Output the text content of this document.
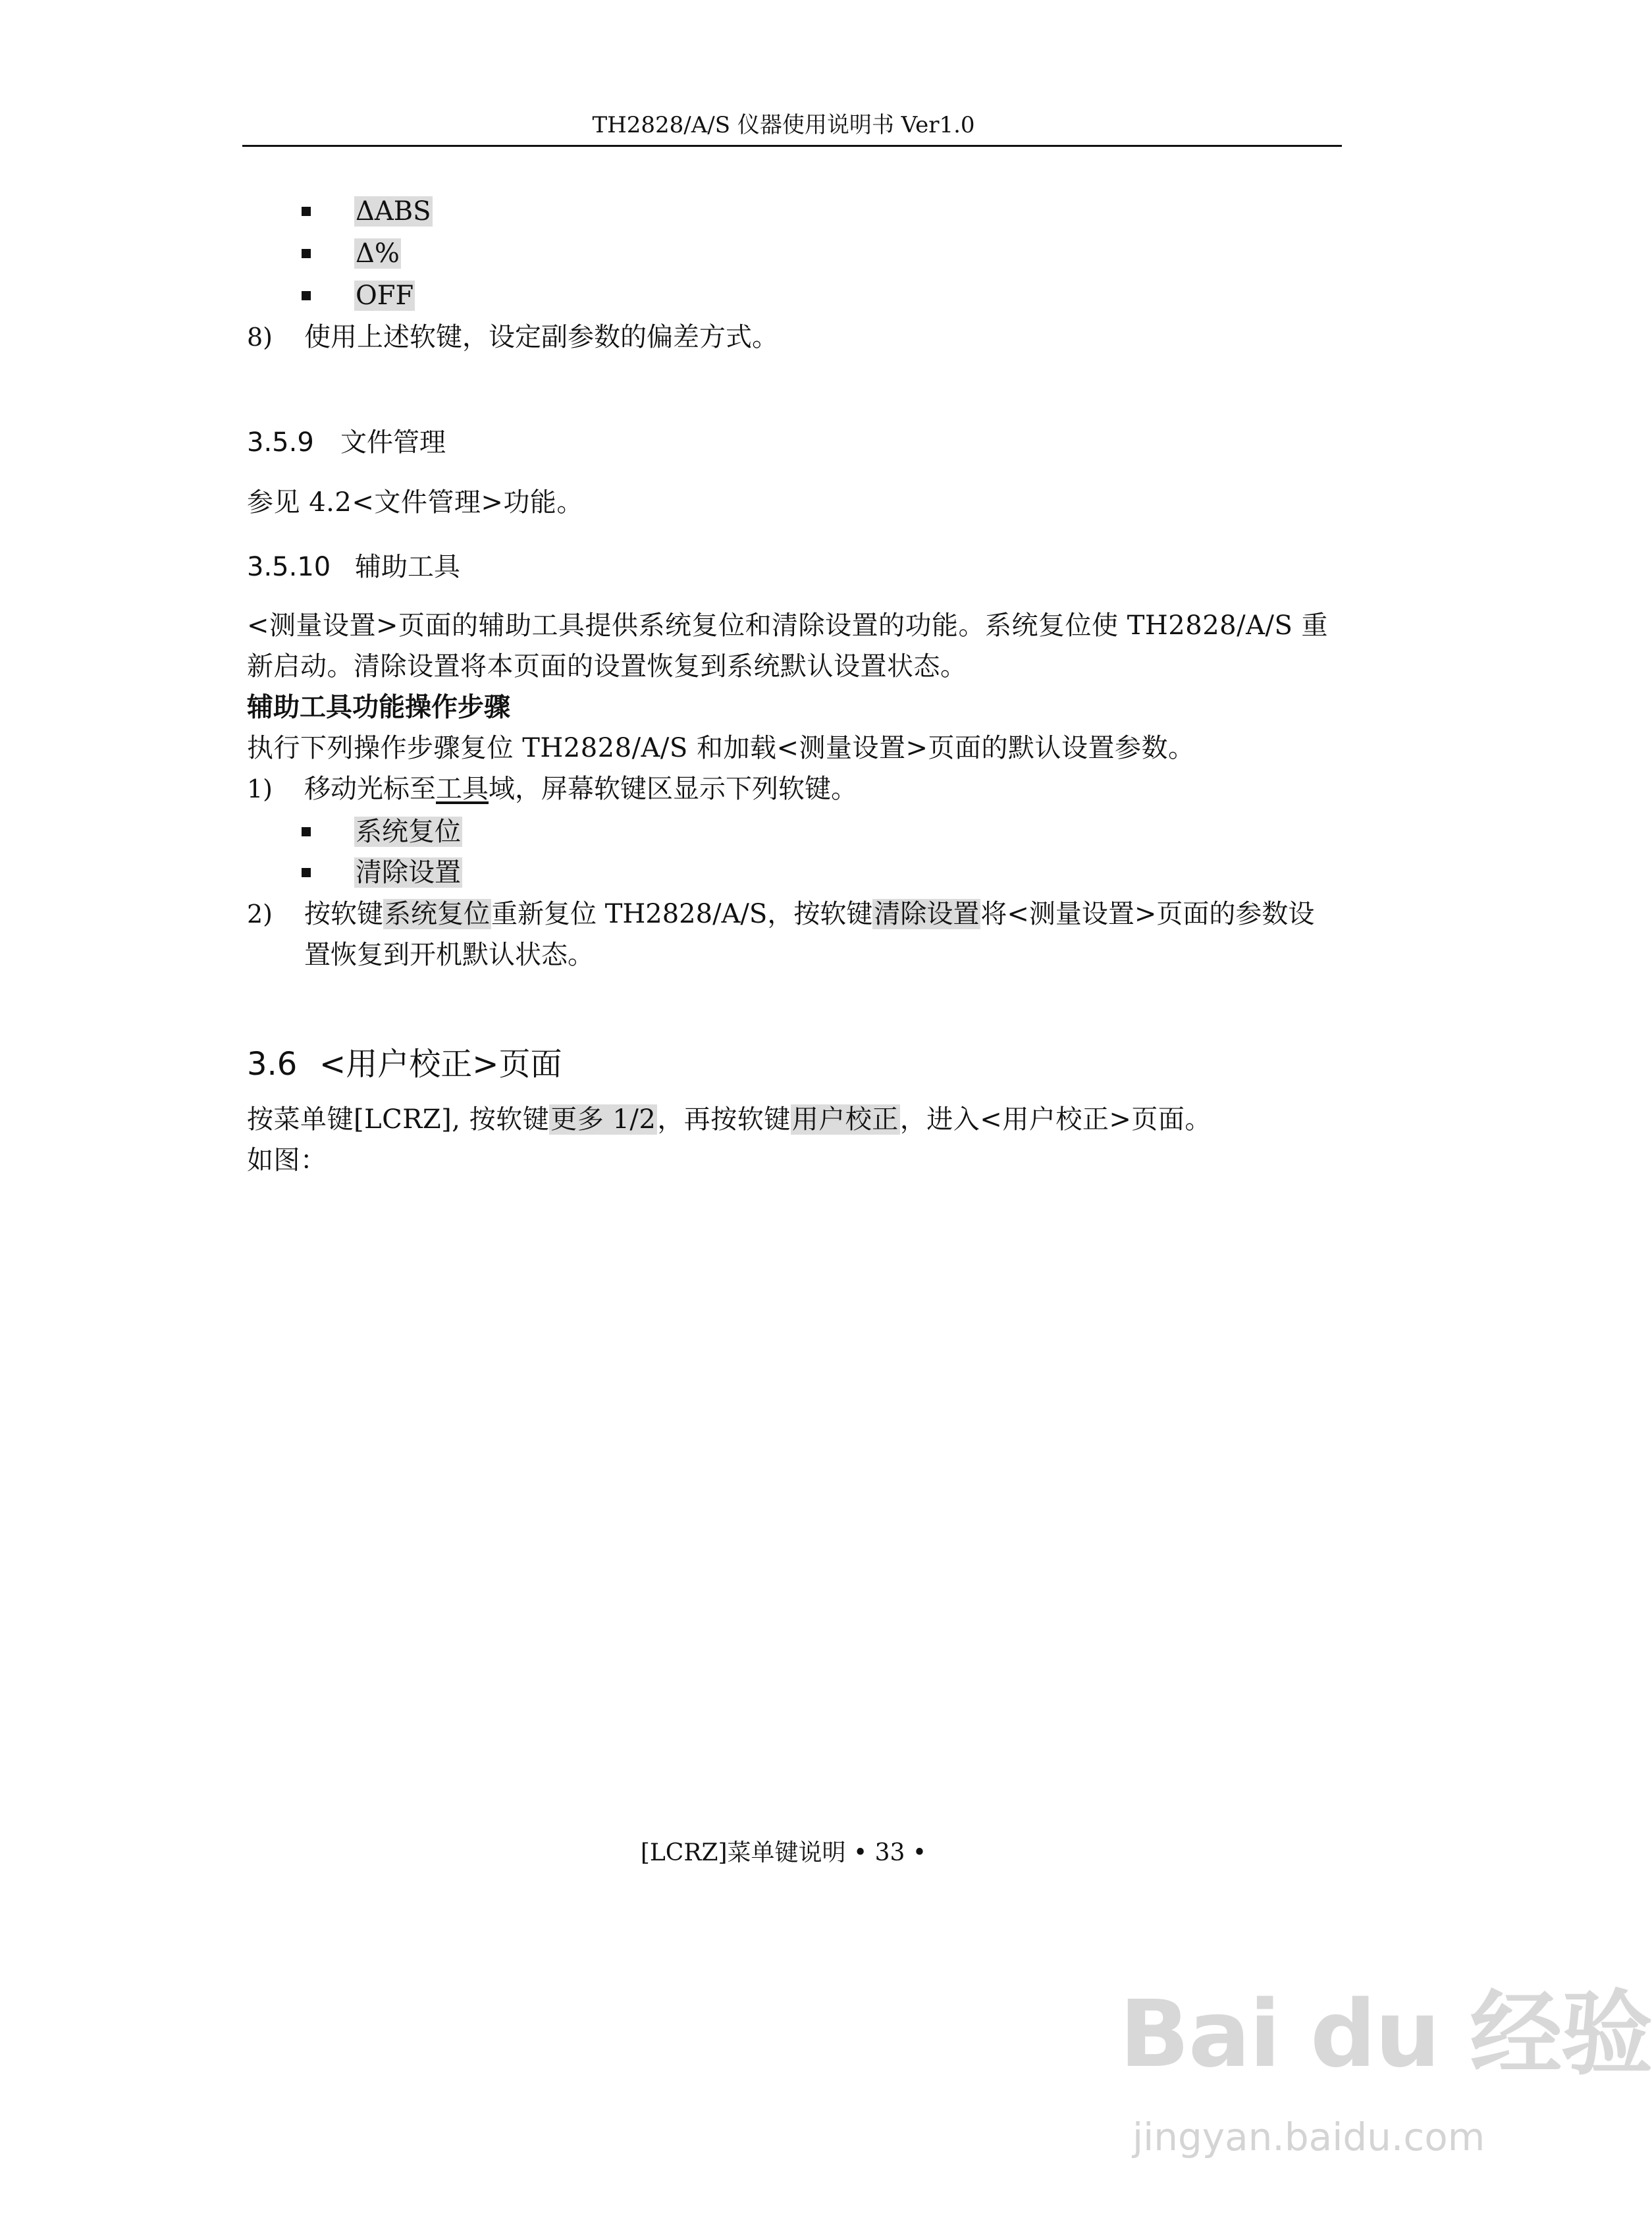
TH2828/A/S 仪器使用说明书 Ver1.0
ΔABS
Δ%
OFF
8) 使用上述软键，设定副参数的偏差方式。
3.5.9 文件管理
参见 4.2<文件管理>功能。
3.5.10 辅助工具
<测量设置>页面的辅助工具提供系统复位和清除设置的功能。系统复位使 TH2828/A/S 重
新启动。清除设置将本页面的设置恢复到系统默认设置状态。
辅助工具功能操作步骤
执行下列操作步骤复位 TH2828/A/S 和加载<测量设置>页面的默认设置参数。
1) 移动光标至工具域，屏幕软键区显示下列软键。
系统复位
清除设置
2) 按软键系统复位重新复位 TH2828/A/S，按软键清除设置将<测量设置>页面的参数设
置恢复到开机默认状态。
3.6 <用户校正>页面
按菜单键[LCRZ], 按软键更多 1/2，再按软键用户校正，进入<用户校正>页面。
如图：
[LCRZ]菜单键说明 • 33 •
Bai du 经验
jingyan.baidu.com
